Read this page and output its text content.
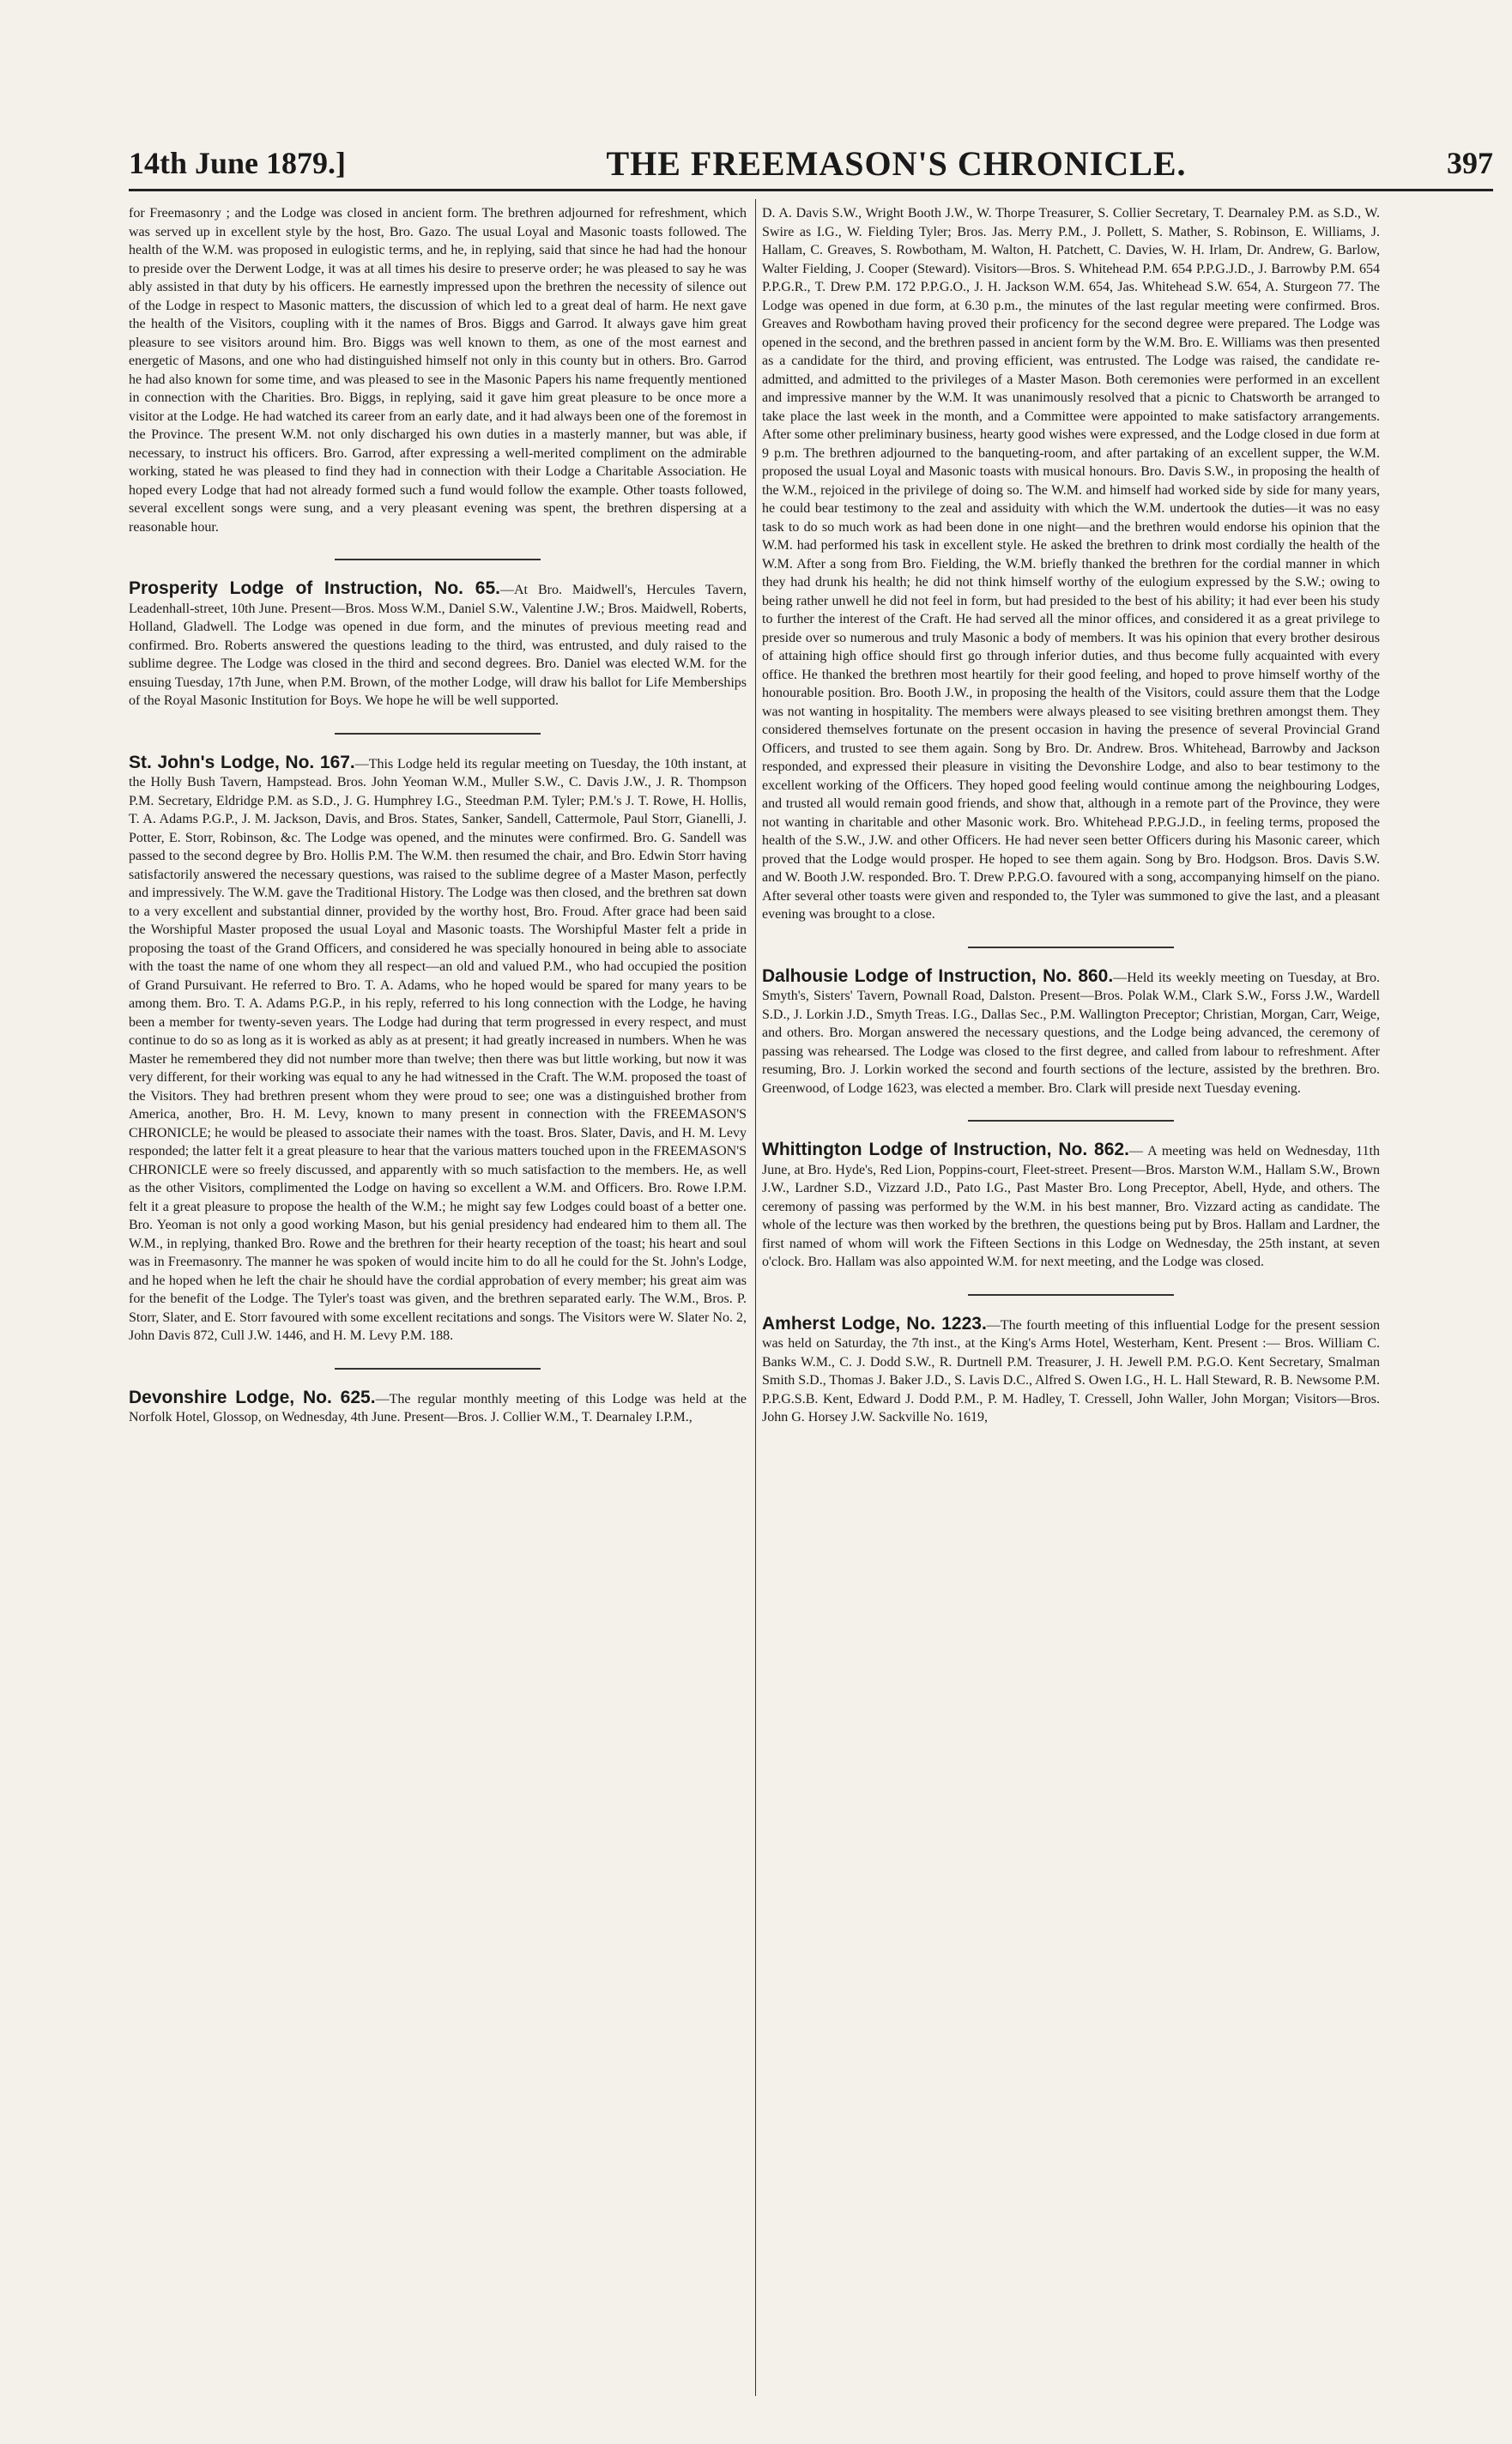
14th June 1879.]	THE FREEMASON'S CHRONICLE.	397
for Freemasonry ; and the Lodge was closed in ancient form. The brethren adjourned for refreshment, which was served up in excellent style by the host, Bro. Gazo. The usual Loyal and Masonic toasts followed. The health of the W.M. was proposed in eulogistic terms, and he, in replying, said that since he had had the honour to preside over the Derwent Lodge, it was at all times his desire to preserve order; he was pleased to say he was ably assisted in that duty by his officers. He earnestly impressed upon the brethren the necessity of silence out of the Lodge in respect to Masonic matters, the discussion of which led to a great deal of harm. He next gave the health of the Visitors, coupling with it the names of Bros. Biggs and Garrod. It always gave him great pleasure to see visitors around him. Bro. Biggs was well known to them, as one of the most earnest and energetic of Masons, and one who had distinguished himself not only in this county but in others. Bro. Garrod he had also known for some time, and was pleased to see in the Masonic Papers his name frequently mentioned in connection with the Charities. Bro. Biggs, in replying, said it gave him great pleasure to be once more a visitor at the Lodge. He had watched its career from an early date, and it had always been one of the foremost in the Province. The present W.M. not only discharged his own duties in a masterly manner, but was able, if necessary, to instruct his officers. Bro. Garrod, after expressing a well-merited compliment on the admirable working, stated he was pleased to find they had in connection with their Lodge a Charitable Association. He hoped every Lodge that had not already formed such a fund would follow the example. Other toasts followed, several excellent songs were sung, and a very pleasant evening was spent, the brethren dispersing at a reasonable hour.
Prosperity Lodge of Instruction, No. 65.—At Bro. Maidwell's, Hercules Tavern, Leadenhall-street, 10th June. Present—Bros. Moss W.M., Daniel S.W., Valentine J.W.; Bros. Maidwell, Roberts, Holland, Gladwell. The Lodge was opened in due form, and the minutes of previous meeting read and confirmed. Bro. Roberts answered the questions leading to the third, was entrusted, and duly raised to the sublime degree. The Lodge was closed in the third and second degrees. Bro. Daniel was elected W.M. for the ensuing Tuesday, 17th June, when P.M. Brown, of the mother Lodge, will draw his ballot for Life Memberships of the Royal Masonic Institution for Boys. We hope he will be well supported.
St. John's Lodge, No. 167.—This Lodge held its regular meeting on Tuesday, the 10th instant, at the Holly Bush Tavern, Hampstead. Bros. John Yeoman W.M., Muller S.W., C. Davis J.W., J. R. Thompson P.M. Secretary, Eldridge P.M. as S.D., J. G. Humphrey I.G., Steedman P.M. Tyler; P.M.'s J. T. Rowe, H. Hollis, T. A. Adams P.G.P., J. M. Jackson, Davis, and Bros. States, Sanker, Sandell, Cattermole, Paul Storr, Gianelli, J. Potter, E. Storr, Robinson, &c. The Lodge was opened, and the minutes were confirmed. Bro. G. Sandell was passed to the second degree by Bro. Hollis P.M. The W.M. then resumed the chair, and Bro. Edwin Storr having satisfactorily answered the necessary questions, was raised to the sublime degree of a Master Mason, perfectly and impressively. The W.M. gave the Traditional History. The Lodge was then closed, and the brethren sat down to a very excellent and substantial dinner, provided by the worthy host, Bro. Froud. After grace had been said the Worshipful Master proposed the usual Loyal and Masonic toasts. The Worshipful Master felt a pride in proposing the toast of the Grand Officers, and considered he was specially honoured in being able to associate with the toast the name of one whom they all respect—an old and valued P.M., who had occupied the position of Grand Pursuivant. He referred to Bro. T. A. Adams, who he hoped would be spared for many years to be among them. Bro. T. A. Adams P.G.P., in his reply, referred to his long connection with the Lodge, he having been a member for twenty-seven years. The Lodge had during that term progressed in every respect, and must continue to do so as long as it is worked as ably as at present; it had greatly increased in numbers. When he was Master he remembered they did not number more than twelve; then there was but little working, but now it was very different, for their working was equal to any he had witnessed in the Craft. The W.M. proposed the toast of the Visitors. They had brethren present whom they were proud to see; one was a distinguished brother from America, another, Bro. H. M. Levy, known to many present in connection with the FREEMASON'S CHRONICLE; he would be pleased to associate their names with the toast. Bros. Slater, Davis, and H. M. Levy responded; the latter felt it a great pleasure to hear that the various matters touched upon in the FREEMASON'S CHRONICLE were so freely discussed, and apparently with so much satisfaction to the members. He, as well as the other Visitors, complimented the Lodge on having so excellent a W.M. and Officers. Bro. Rowe I.P.M. felt it a great pleasure to propose the health of the W.M.; he might say few Lodges could boast of a better one. Bro. Yeoman is not only a good working Mason, but his genial presidency had endeared him to them all. The W.M., in replying, thanked Bro. Rowe and the brethren for their hearty reception of the toast; his heart and soul was in Freemasonry. The manner he was spoken of would incite him to do all he could for the St. John's Lodge, and he hoped when he left the chair he should have the cordial approbation of every member; his great aim was for the benefit of the Lodge. The Tyler's toast was given, and the brethren separated early. The W.M., Bros. P. Storr, Slater, and E. Storr favoured with some excellent recitations and songs. The Visitors were W. Slater No. 2, John Davis 872, Cull J.W. 1446, and H. M. Levy P.M. 188.
Devonshire Lodge, No. 625.—The regular monthly meeting of this Lodge was held at the Norfolk Hotel, Glossop, on Wednesday, 4th June. Present—Bros. J. Collier W.M., T. Dearnaley I.P.M.,
D. A. Davis S.W., Wright Booth J.W., W. Thorpe Treasurer, S. Collier Secretary, T. Dearnaley P.M. as S.D., W. Swire as I.G., W. Fielding Tyler; Bros. Jas. Merry P.M., J. Pollett, S. Mather, S. Robinson, E. Williams, J. Hallam, C. Greaves, S. Rowbotham, M. Walton, H. Patchett, C. Davies, W. H. Irlam, Dr. Andrew, G. Barlow, Walter Fielding, J. Cooper (Steward). Visitors—Bros. S. Whitehead P.M. 654 P.P.G.J.D., J. Barrowby P.M. 654 P.P.G.R., T. Drew P.M. 172 P.P.G.O., J. H. Jackson W.M. 654, Jas. Whitehead S.W. 654, A. Sturgeon 77. The Lodge was opened in due form, at 6.30 p.m., the minutes of the last regular meeting were confirmed. Bros. Greaves and Rowbotham having proved their proficency for the second degree were prepared. The Lodge was opened in the second, and the brethren passed in ancient form by the W.M. Bro. E. Williams was then presented as a candidate for the third, and proving efficient, was entrusted. The Lodge was raised, the candidate re-admitted, and admitted to the privileges of a Master Mason. Both ceremonies were performed in an excellent and impressive manner by the W.M. It was unanimously resolved that a picnic to Chatsworth be arranged to take place the last week in the month, and a Committee were appointed to make satisfactory arrangements. After some other preliminary business, hearty good wishes were expressed, and the Lodge closed in due form at 9 p.m. The brethren adjourned to the banqueting-room, and after partaking of an excellent supper, the W.M. proposed the usual Loyal and Masonic toasts with musical honours. Bro. Davis S.W., in proposing the health of the W.M., rejoiced in the privilege of doing so. The W.M. and himself had worked side by side for many years, he could bear testimony to the zeal and assiduity with which the W.M. undertook the duties—it was no easy task to do so much work as had been done in one night—and the brethren would endorse his opinion that the W.M. had performed his task in excellent style. He asked the brethren to drink most cordially the health of the W.M. After a song from Bro. Fielding, the W.M. briefly thanked the brethren for the cordial manner in which they had drunk his health; he did not think himself worthy of the eulogium expressed by the S.W.; owing to being rather unwell he did not feel in form, but had presided to the best of his ability; it had ever been his study to further the interest of the Craft. He had served all the minor offices, and considered it as a great privilege to preside over so numerous and truly Masonic a body of members. It was his opinion that every brother desirous of attaining high office should first go through inferior duties, and thus become fully acquainted with every office. He thanked the brethren most heartily for their good feeling, and hoped to prove himself worthy of the honourable position. Bro. Booth J.W., in proposing the health of the Visitors, could assure them that the Lodge was not wanting in hospitality. The members were always pleased to see visiting brethren amongst them. They considered themselves fortunate on the present occasion in having the presence of several Provincial Grand Officers, and trusted to see them again. Song by Bro. Dr. Andrew. Bros. Whitehead, Barrowby and Jackson responded, and expressed their pleasure in visiting the Devonshire Lodge, and also to bear testimony to the excellent working of the Officers. They hoped good feeling would continue among the neighbouring Lodges, and trusted all would remain good friends, and show that, although in a remote part of the Province, they were not wanting in charitable and other Masonic work. Bro. Whitehead P.P.G.J.D., in feeling terms, proposed the health of the S.W., J.W. and other Officers. He had never seen better Officers during his Masonic career, which proved that the Lodge would prosper. He hoped to see them again. Song by Bro. Hodgson. Bros. Davis S.W. and W. Booth J.W. responded. Bro. T. Drew P.P.G.O. favoured with a song, accompanying himself on the piano. After several other toasts were given and responded to, the Tyler was summoned to give the last, and a pleasant evening was brought to a close.
Dalhousie Lodge of Instruction, No. 860.—Held its weekly meeting on Tuesday, at Bro. Smyth's, Sisters' Tavern, Pownall Road, Dalston. Present—Bros. Polak W.M., Clark S.W., Forss J.W., Wardell S.D., J. Lorkin J.D., Smyth Treas. I.G., Dallas Sec., P.M. Wallington Preceptor; Christian, Morgan, Carr, Weige, and others. Bro. Morgan answered the necessary questions, and the Lodge being advanced, the ceremony of passing was rehearsed. The Lodge was closed to the first degree, and called from labour to refreshment. After resuming, Bro. J. Lorkin worked the second and fourth sections of the lecture, assisted by the brethren. Bro. Greenwood, of Lodge 1623, was elected a member. Bro. Clark will preside next Tuesday evening.
Whittington Lodge of Instruction, No. 862.— A meeting was held on Wednesday, 11th June, at Bro. Hyde's, Red Lion, Poppins-court, Fleet-street. Present—Bros. Marston W.M., Hallam S.W., Brown J.W., Lardner S.D., Vizzard J.D., Pato I.G., Past Master Bro. Long Preceptor, Abell, Hyde, and others. The ceremony of passing was performed by the W.M. in his best manner, Bro. Vizzard acting as candidate. The whole of the lecture was then worked by the brethren, the questions being put by Bros. Hallam and Lardner, the first named of whom will work the Fifteen Sections in this Lodge on Wednesday, the 25th instant, at seven o'clock. Bro. Hallam was also appointed W.M. for next meeting, and the Lodge was closed.
Amherst Lodge, No. 1223.—The fourth meeting of this influential Lodge for the present session was held on Saturday, the 7th inst., at the King's Arms Hotel, Westerham, Kent. Present :— Bros. William C. Banks W.M., C. J. Dodd S.W., R. Durtnell P.M. Treasurer, J. H. Jewell P.M. P.G.O. Kent Secretary, Smalman Smith S.D., Thomas J. Baker J.D., S. Lavis D.C., Alfred S. Owen I.G., H. L. Hall Steward, R. B. Newsome P.M. P.P.G.S.B. Kent, Edward J. Dodd P.M., P. M. Hadley, T. Cressell, John Waller, John Morgan; Visitors—Bros. John G. Horsey J.W. Sackville No. 1619,
